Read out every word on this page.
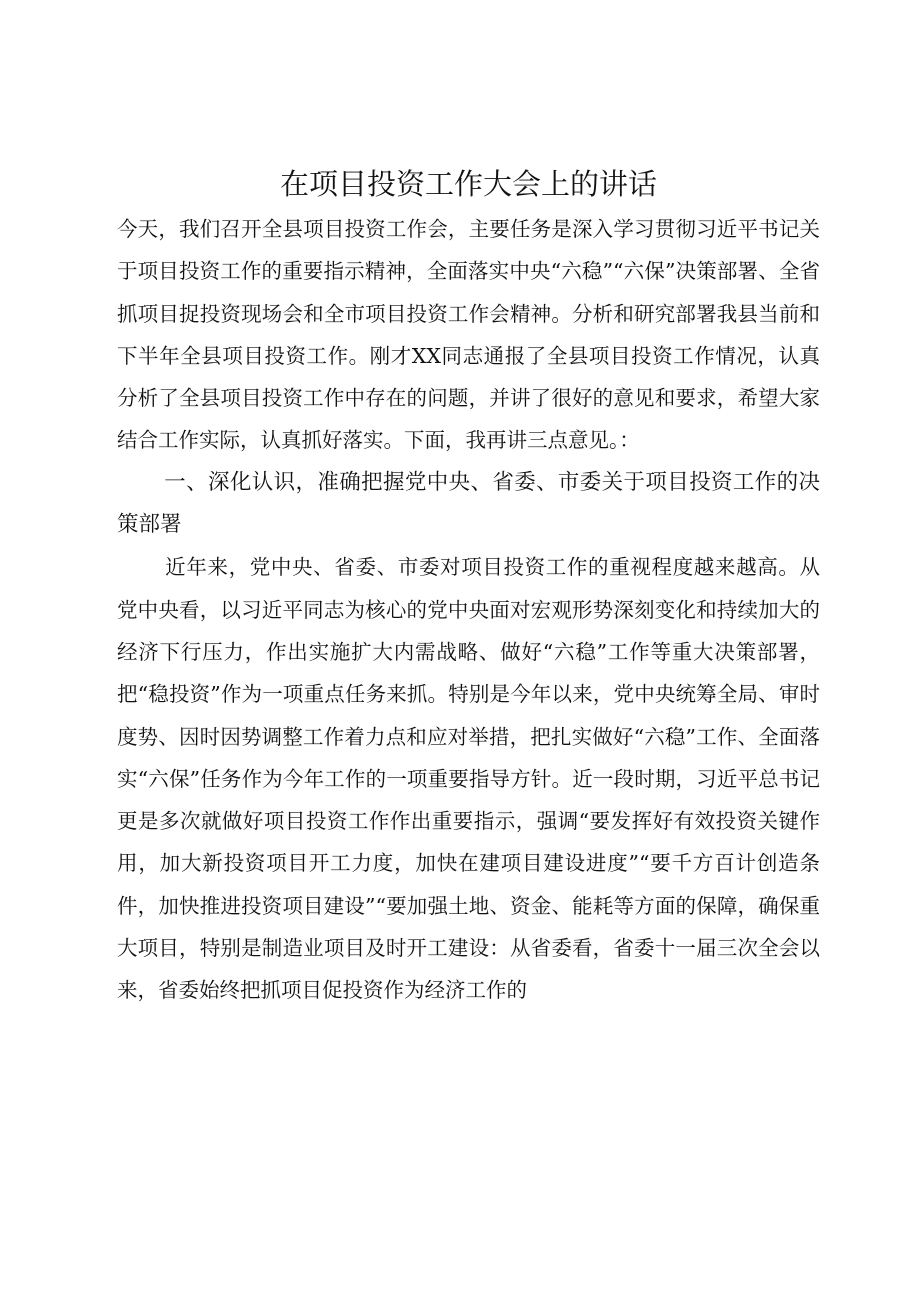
在项目投资工作大会上的讲话

今天，我们召开全县项目投资工作会，主要任务是深入学习贯彻习近平书记关于项目投资工作的重要指示精神，全面落实中央“六稳”“六保”决策部署、全省抓项目捉投资现场会和全市项目投资工作会精神。分析和研究部署我县当前和下半年全县项目投资工作。刚才XX同志通报了全县项目投资工作情况，认真分析了全县项目投资工作中存在的问题，并讲了很好的意见和要求，希望大家结合工作实际，认真抓好落实。下面，我再讲三点意见。：

一、深化认识，准确把握党中央、省委、市委关于项目投资工作的决策部署

近年来，党中央、省委、市委对项目投资工作的重视程度越来越高。从党中央看，以习近平同志为核心的党中央面对宏观形势深刻变化和持续加大的经济下行压力，作出实施扩大内需战略、做好“六稳”工作等重大决策部署，把“稳投资”作为一项重点任务来抓。特别是今年以来，党中央统筹全局、审时度势、因时因势调整工作着力点和应对举措，把扎实做好“六稳”工作、全面落实“六保”任务作为今年工作的一项重要指导方针。近一段时期，习近平总书记更是多次就做好项目投资工作作出重要指示，强调“要发挥好有效投资关键作用，加大新投资项目开工力度，加快在建项目建设进度”“要千方百计创造条件，加快推进投资项目建设”“要加强土地、资金、能耗等方面的保障，确保重大项目，特别是制造业项目及时开工建设：从省委看，省委十一届三次全会以来，省委始终把抓项目促投资作为经济工作的
